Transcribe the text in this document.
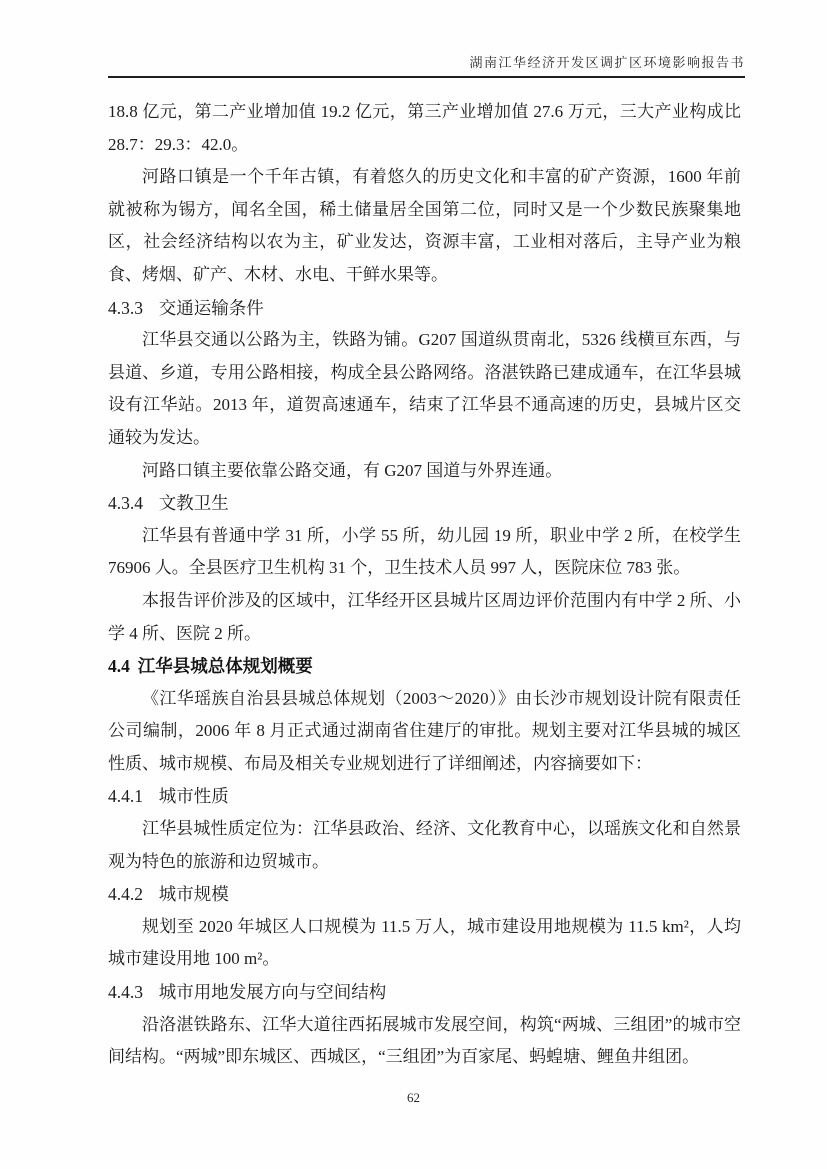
湖南江华经济开发区调扩区环境影响报告书

18.8 亿元，第二产业增加值 19.2 亿元，第三产业增加值 27.6 万元，三大产业构成比 28.7：29.3：42.0。

河路口镇是一个千年古镇，有着悠久的历史文化和丰富的矿产资源，1600 年前就被称为锡方，闻名全国，稀土储量居全国第二位，同时又是一个少数民族聚集地区，社会经济结构以农为主，矿业发达，资源丰富，工业相对落后，主导产业为粮食、烤烟、矿产、木材、水电、干鲜水果等。

4.3.3 交通运输条件

江华县交通以公路为主，铁路为铺。G207 国道纵贯南北，5326 线横亘东西，与县道、乡道，专用公路相接，构成全县公路网络。洛湛铁路已建成通车，在江华县城设有江华站。2013 年，道贺高速通车，结束了江华县不通高速的历史，县城片区交通较为发达。

河路口镇主要依靠公路交通，有 G207 国道与外界连通。

4.3.4 文教卫生

江华县有普通中学 31 所，小学 55 所，幼儿园 19 所，职业中学 2 所，在校学生 76906 人。全县医疗卫生机构 31 个，卫生技术人员 997 人，医院床位 783 张。

本报告评价涉及的区域中，江华经开区县城片区周边评价范围内有中学 2 所、小学 4 所、医院 2 所。

4.4 江华县城总体规划概要

《江华瑶族自治县县城总体规划（2003～2020）》由长沙市规划设计院有限责任公司编制，2006 年 8 月正式通过湖南省住建厅的审批。规划主要对江华县城的城区性质、城市规模、布局及相关专业规划进行了详细阐述，内容摘要如下：

4.4.1 城市性质

江华县城性质定位为：江华县政治、经济、文化教育中心，以瑶族文化和自然景观为特色的旅游和边贸城市。

4.4.2 城市规模

规划至 2020 年城区人口规模为 11.5 万人，城市建设用地规模为 11.5 km²，人均城市建设用地 100 m²。

4.4.3 城市用地发展方向与空间结构

沿洛湛铁路东、江华大道往西拓展城市发展空间，构筑“两城、三组团”的城市空间结构。“两城”即东城区、西城区，“三组团”为百家尾、蚂蝗塘、鲤鱼井组团。

62
